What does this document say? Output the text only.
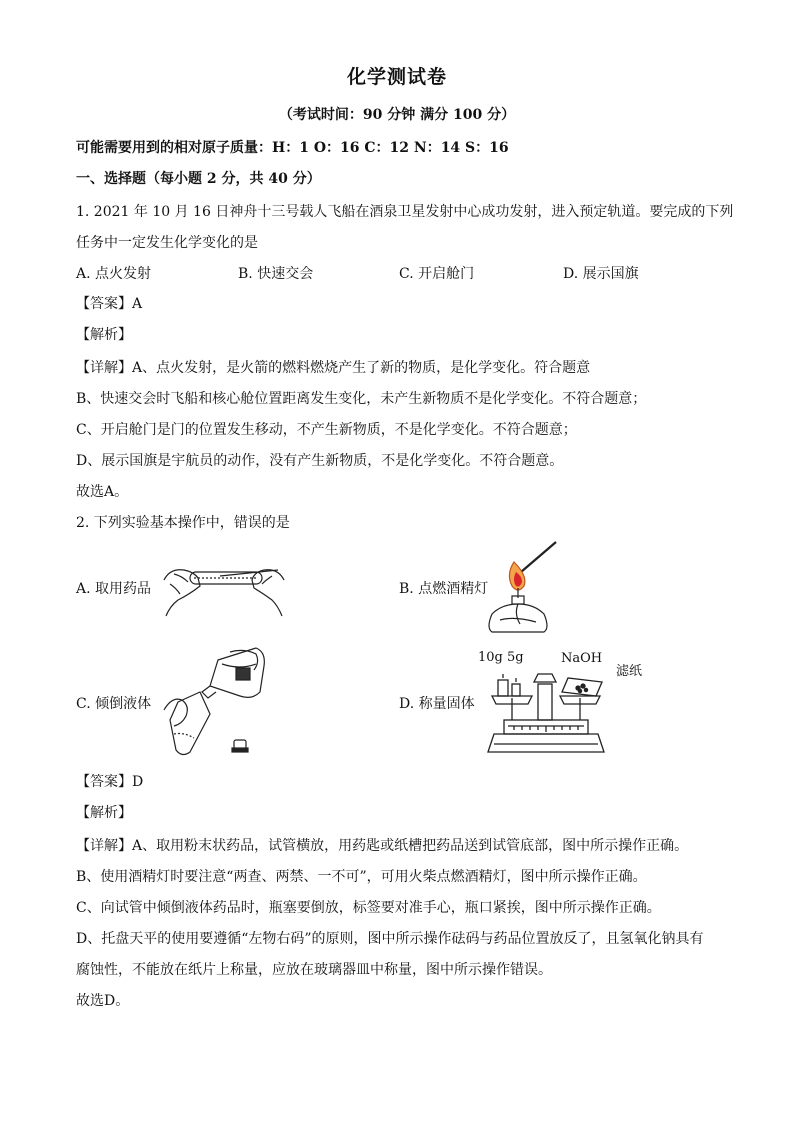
化学测试卷
（考试时间：90 分钟 满分 100 分）
可能需要用到的相对原子质量：H：1 O：16 C：12 N：14 S：16
一、选择题（每小题 2 分，共 40 分）
1. 2021 年 10 月 16 日神舟十三号载人飞船在酒泉卫星发射中心成功发射，进入预定轨道。要完成的下列
任务中一定发生化学变化的是
A. 点火发射	B. 快速交会	C. 开启舱门	D. 展示国旗
【答案】A
【解析】
【详解】A、点火发射，是火箭的燃料燃烧产生了新的物质，是化学变化。符合题意
B、快速交会时飞船和核心舱位置距离发生变化，未产生新物质不是化学变化。不符合题意；
C、开启舱门是门的位置发生移动，不产生新物质，不是化学变化。不符合题意；
D、展示国旗是宇航员的动作，没有产生新物质，不是化学变化。不符合题意。
故选A。
2. 下列实验基本操作中，错误的是
A. 取用药品	B. 点燃酒精灯
C. 倾倒液体	D. 称量固体
10g 5g	NaOH
滤纸
【答案】D
【解析】
【详解】A、取用粉末状药品，试管横放，用药匙或纸槽把药品送到试管底部，图中所示操作正确。
B、使用酒精灯时要注意“两查、两禁、一不可”，可用火柴点燃酒精灯，图中所示操作正确。
C、向试管中倾倒液体药品时，瓶塞要倒放，标签要对准手心，瓶口紧挨，图中所示操作正确。
D、托盘天平的使用要遵循“左物右码”的原则，图中所示操作砝码与药品位置放反了，且氢氧化钠具有
腐蚀性，不能放在纸片上称量，应放在玻璃器皿中称量，图中所示操作错误。
故选D。
